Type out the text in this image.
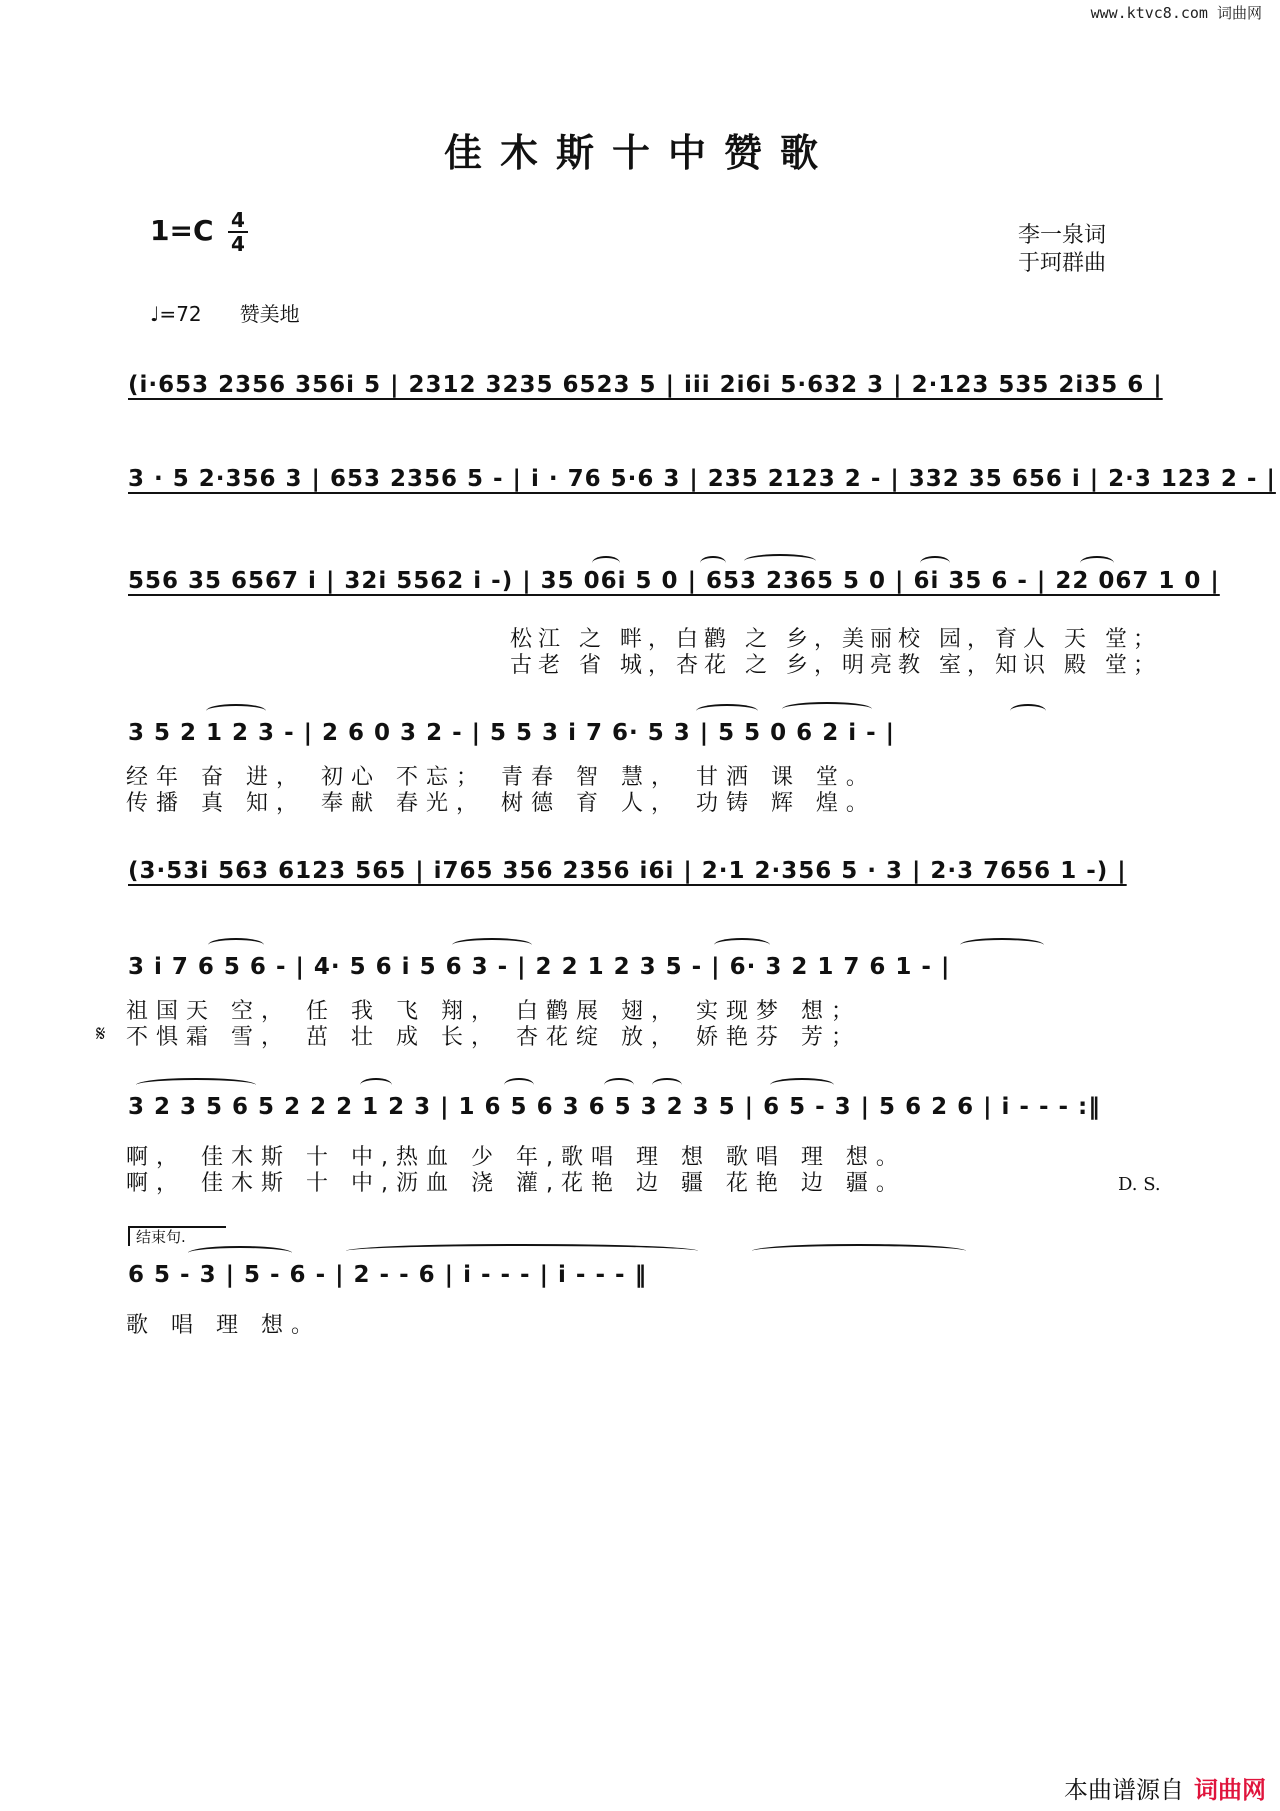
www.ktvc8.com 词曲网
佳木斯十中赞歌
1=C 4
4	李一泉词
于珂群曲
♩=72 赞美地
(i·653 2356 356i 5 | 2312 3235 6523 5 | iii 2i6i 5·632 3 | 2·123 535 2i35 6 |
3 · 5 2·356 3 | 653 2356 5 - | i · 76 5·6 3 | 235 2123 2 - | 332 35 656 i | 2·3 123 2 - |
556 35 6567 i | 32i 5562 i -) | 35 06i 5 0 | 653 2365 5 0 | 6i 35 6 - | 22 067 1 0 |
松江 之 畔，白鹳 之 乡，美丽校 园，育人 天 堂；
古老 省 城，杏花 之 乡，明亮教 室，知识 殿 堂；
3 5 2 1 2 3 - | 2 6 0 3 2 - | 5 5 3 i 7 6· 5 3 | 5 5 0 6 2 i - |
经年 奋 进， 初心 不忘； 青春 智 慧， 甘洒 课 堂。
传播 真 知， 奉献 春光， 树德 育 人， 功铸 辉 煌。
(3·53i 563 6123 565 | i765 356 2356 i6i | 2·1 2·356 5 · 3 | 2·3 7656 1 -) |
3 i 7 6 5 6 - | 4· 5 6 i 5 6 3 - | 2 2 1 2 3 5 - | 6· 3 2 1 7 6 1 - |
祖国天 空， 任 我 飞 翔， 白鹳展 翅， 实现梦 想；
𝄋 不惧霜 雪， 茁 壮 成 长， 杏花绽 放， 娇艳芬 芳；
3 2 3 5 6 5 2 2 2 1 2 3 | 1 6 5 6 3 6 5 3 2 3 5 | 6 5 - 3 | 5 6 2 6 | i - - - :‖
啊， 佳木斯 十 中,热血 少 年,歌唱 理 想 歌唱 理 想。
啊， 佳木斯 十 中,沥血 浇 灌,花艳 边 疆 花艳 边 疆。	D. S.
结束句.
6 5 - 3 | 5 - 6 - | 2 - - 6 | i - - - | i - - - ‖
歌 唱 理 想。
本曲谱源自 词曲网
